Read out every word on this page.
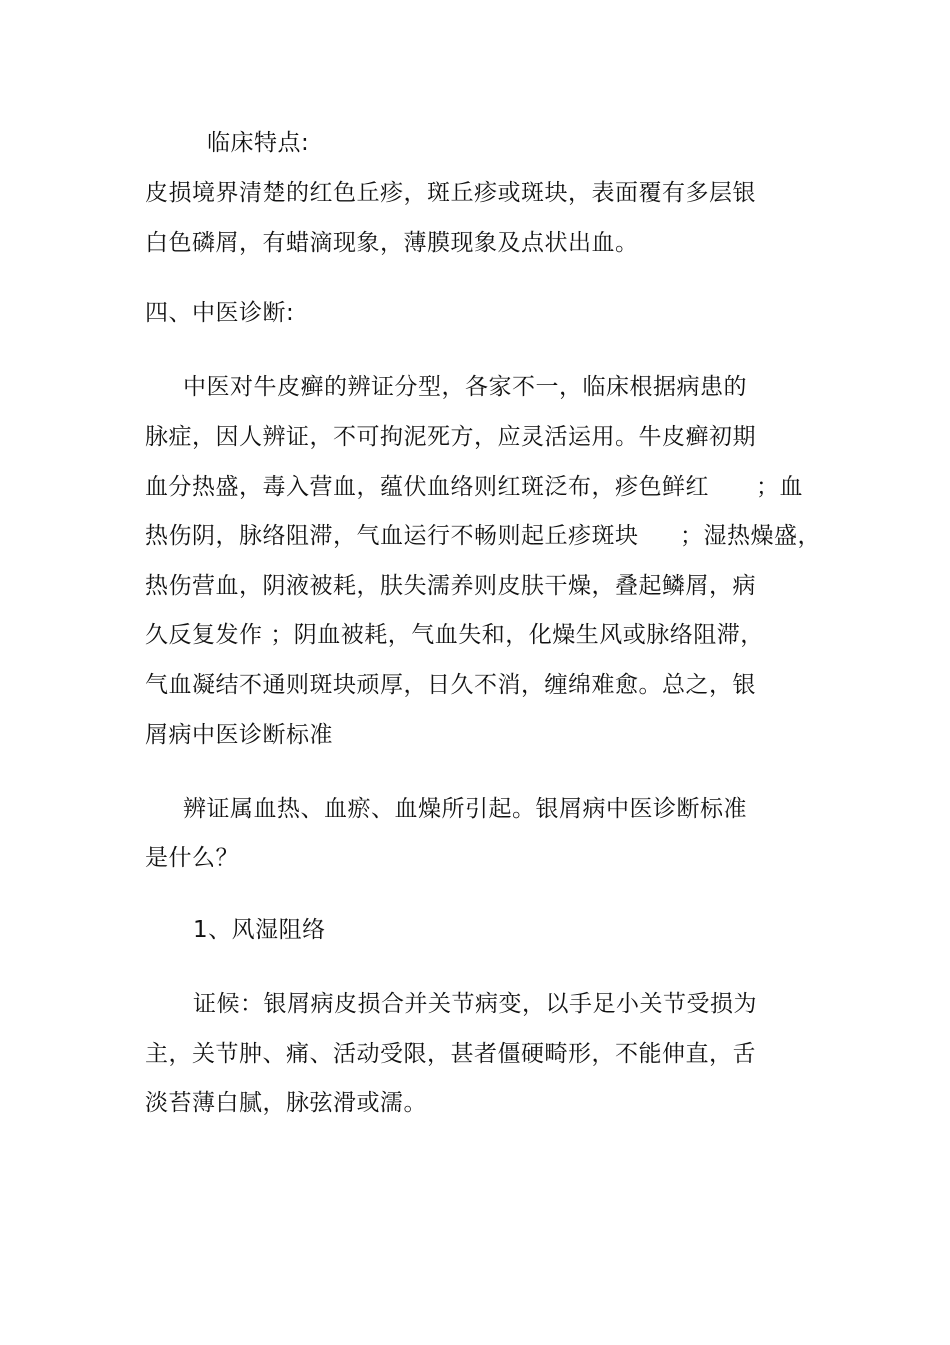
临床特点:
皮损境界清楚的红色丘疹，斑丘疹或斑块，表面覆有多层银
白色磷屑，有蜡滴现象，薄膜现象及点状出血。
四、中医诊断:
中医对牛皮癣的辨证分型，各家不一，临床根据病患的
脉症，因人辨证，不可拘泥死方，应灵活运用。牛皮癣初期
血分热盛，毒入营血，蕴伏血络则红斑泛布，疹色鲜红 ；血
热伤阴，脉络阻滞，气血运行不畅则起丘疹斑块 ；湿热燥盛，
热伤营血，阴液被耗，肤失濡养则皮肤干燥，叠起鳞屑，病
久反复发作 ；阴血被耗，气血失和，化燥生风或脉络阻滞，
气血凝结不通则斑块顽厚，日久不消，缠绵难愈。总之，银
屑病中医诊断标准
辨证属血热、血瘀、血燥所引起。银屑病中医诊断标准
是什么？
1、风湿阻络
证候：银屑病皮损合并关节病变，以手足小关节受损为
主，关节肿、痛、活动受限，甚者僵硬畸形，不能伸直，舌
淡苔薄白腻，脉弦滑或濡。
